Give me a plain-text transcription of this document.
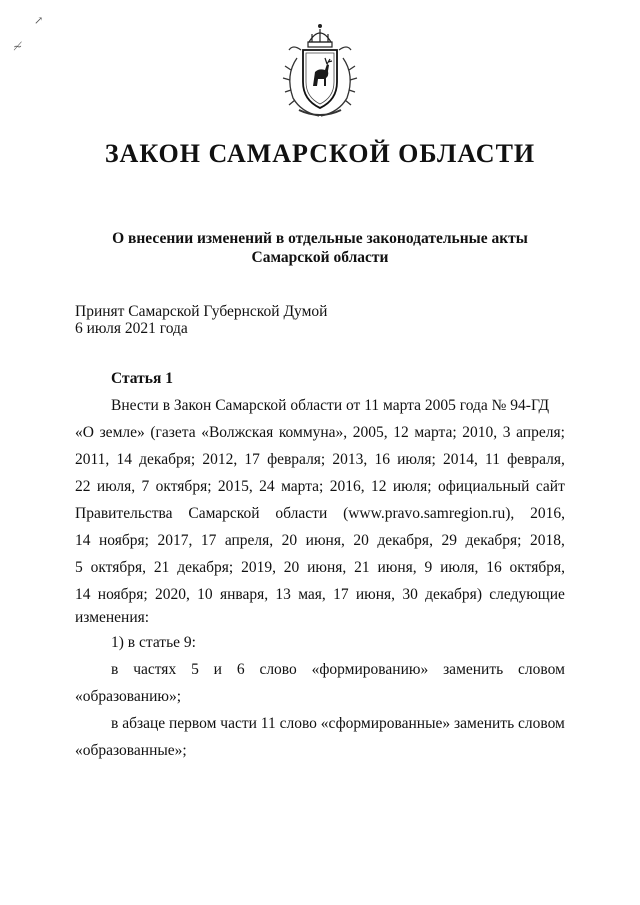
↗
≁
ЗАКОН САМАРСКОЙ ОБЛАСТИ

О внесении изменений в отдельные законодательные акты

Самарской области

Принят Самарской Губернской Думой

6 июля 2021 года

Статья 1

Внести в Закон Самарской области от 11 марта 2005 года № 94-ГД

«О земле» (газета «Волжская коммуна», 2005, 12 марта; 2010, 3 апреля;

2011, 14 декабря; 2012, 17 февраля; 2013, 16 июля; 2014, 11 февраля,

22 июля, 7 октября; 2015, 24 марта; 2016, 12 июля; официальный сайт

Правительства Самарской области (www.pravo.samregion.ru), 2016,

14 ноября; 2017, 17 апреля, 20 июня, 20 декабря, 29 декабря; 2018,

5 октября, 21 декабря; 2019, 20 июня, 21 июня, 9 июля, 16 октября,

14 ноября; 2020, 10 января, 13 мая, 17 июня, 30 декабря) следующие

изменения:

1) в статье 9:

в частях 5 и 6 слово «формированию» заменить словом

«образованию»;

в абзаце первом части 11 слово «сформированные» заменить словом

«образованные»;
